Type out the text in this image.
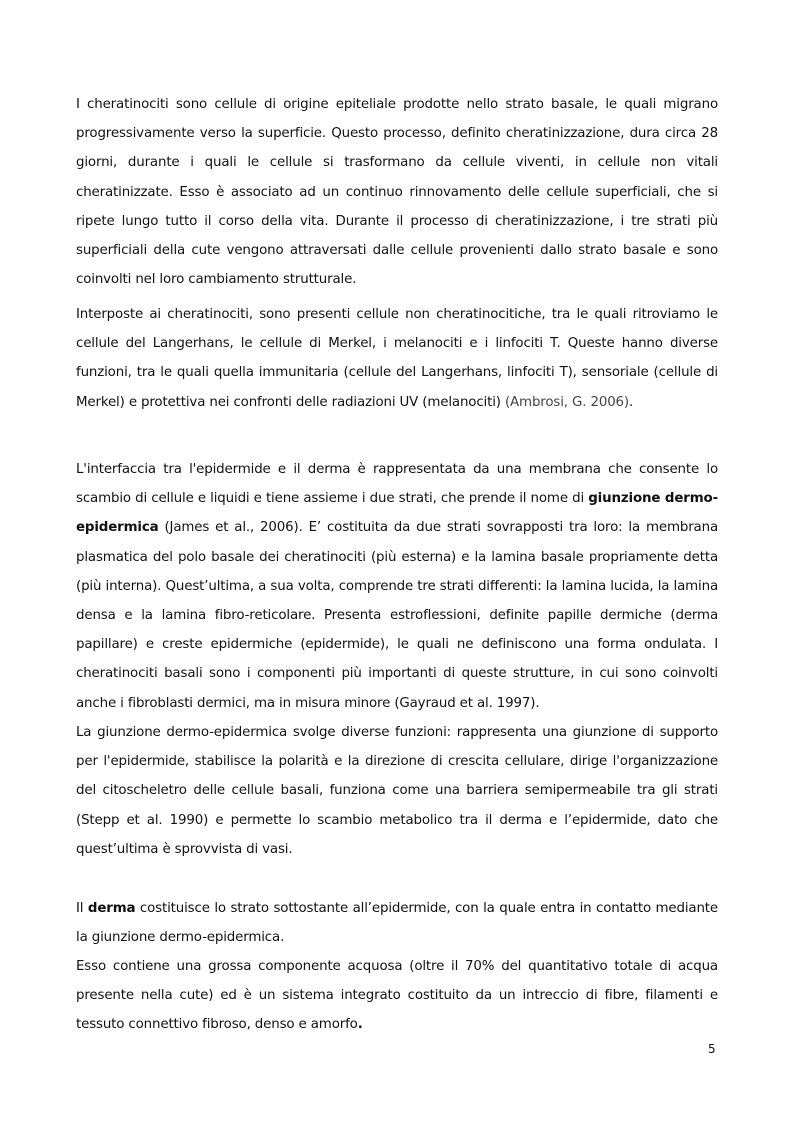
I cheratinociti sono cellule di origine epiteliale prodotte nello strato basale, le quali migrano progressivamente verso la superficie. Questo processo, definito cheratinizzazione, dura circa 28 giorni, durante i quali le cellule si trasformano da cellule viventi, in cellule non vitali cheratinizzate. Esso è associato ad un continuo rinnovamento delle cellule superficiali, che si ripete lungo tutto il corso della vita. Durante il processo di cheratinizzazione, i tre strati più superficiali della cute vengono attraversati dalle cellule provenienti dallo strato basale e sono coinvolti nel loro cambiamento strutturale.

Interposte ai cheratinociti, sono presenti cellule non cheratinocitiche, tra le quali ritroviamo le cellule del Langerhans, le cellule di Merkel, i melanociti e i linfociti T. Queste hanno diverse funzioni, tra le quali quella immunitaria (cellule del Langerhans, linfociti T), sensoriale (cellule di Merkel) e protettiva nei confronti delle radiazioni UV (melanociti) (Ambrosi, G. 2006).

L'interfaccia tra l'epidermide e il derma è rappresentata da una membrana che consente lo scambio di cellule e liquidi e tiene assieme i due strati, che prende il nome di giunzione dermo-epidermica (James et al., 2006). E’ costituita da due strati sovrapposti tra loro: la membrana plasmatica del polo basale dei cheratinociti (più esterna) e la lamina basale propriamente detta (più interna). Quest’ultima, a sua volta, comprende tre strati differenti: la lamina lucida, la lamina densa e la lamina fibro-reticolare. Presenta estroflessioni, definite papille dermiche (derma papillare) e creste epidermiche (epidermide), le quali ne definiscono una forma ondulata. I cheratinociti basali sono i componenti più importanti di queste strutture, in cui sono coinvolti anche i fibroblasti dermici, ma in misura minore (Gayraud et al. 1997).

La giunzione dermo-epidermica svolge diverse funzioni: rappresenta una giunzione di supporto per l'epidermide, stabilisce la polarità e la direzione di crescita cellulare, dirige l'organizzazione del citoscheletro delle cellule basali, funziona come una barriera semipermeabile tra gli strati (Stepp et al. 1990) e permette lo scambio metabolico tra il derma e l’epidermide, dato che quest’ultima è sprovvista di vasi.

Il derma costituisce lo strato sottostante all’epidermide, con la quale entra in contatto mediante la giunzione dermo-epidermica.

Esso contiene una grossa componente acquosa (oltre il 70% del quantitativo totale di acqua presente nella cute) ed è un sistema integrato costituito da un intreccio di fibre, filamenti e tessuto connettivo fibroso, denso e amorfo.

5
